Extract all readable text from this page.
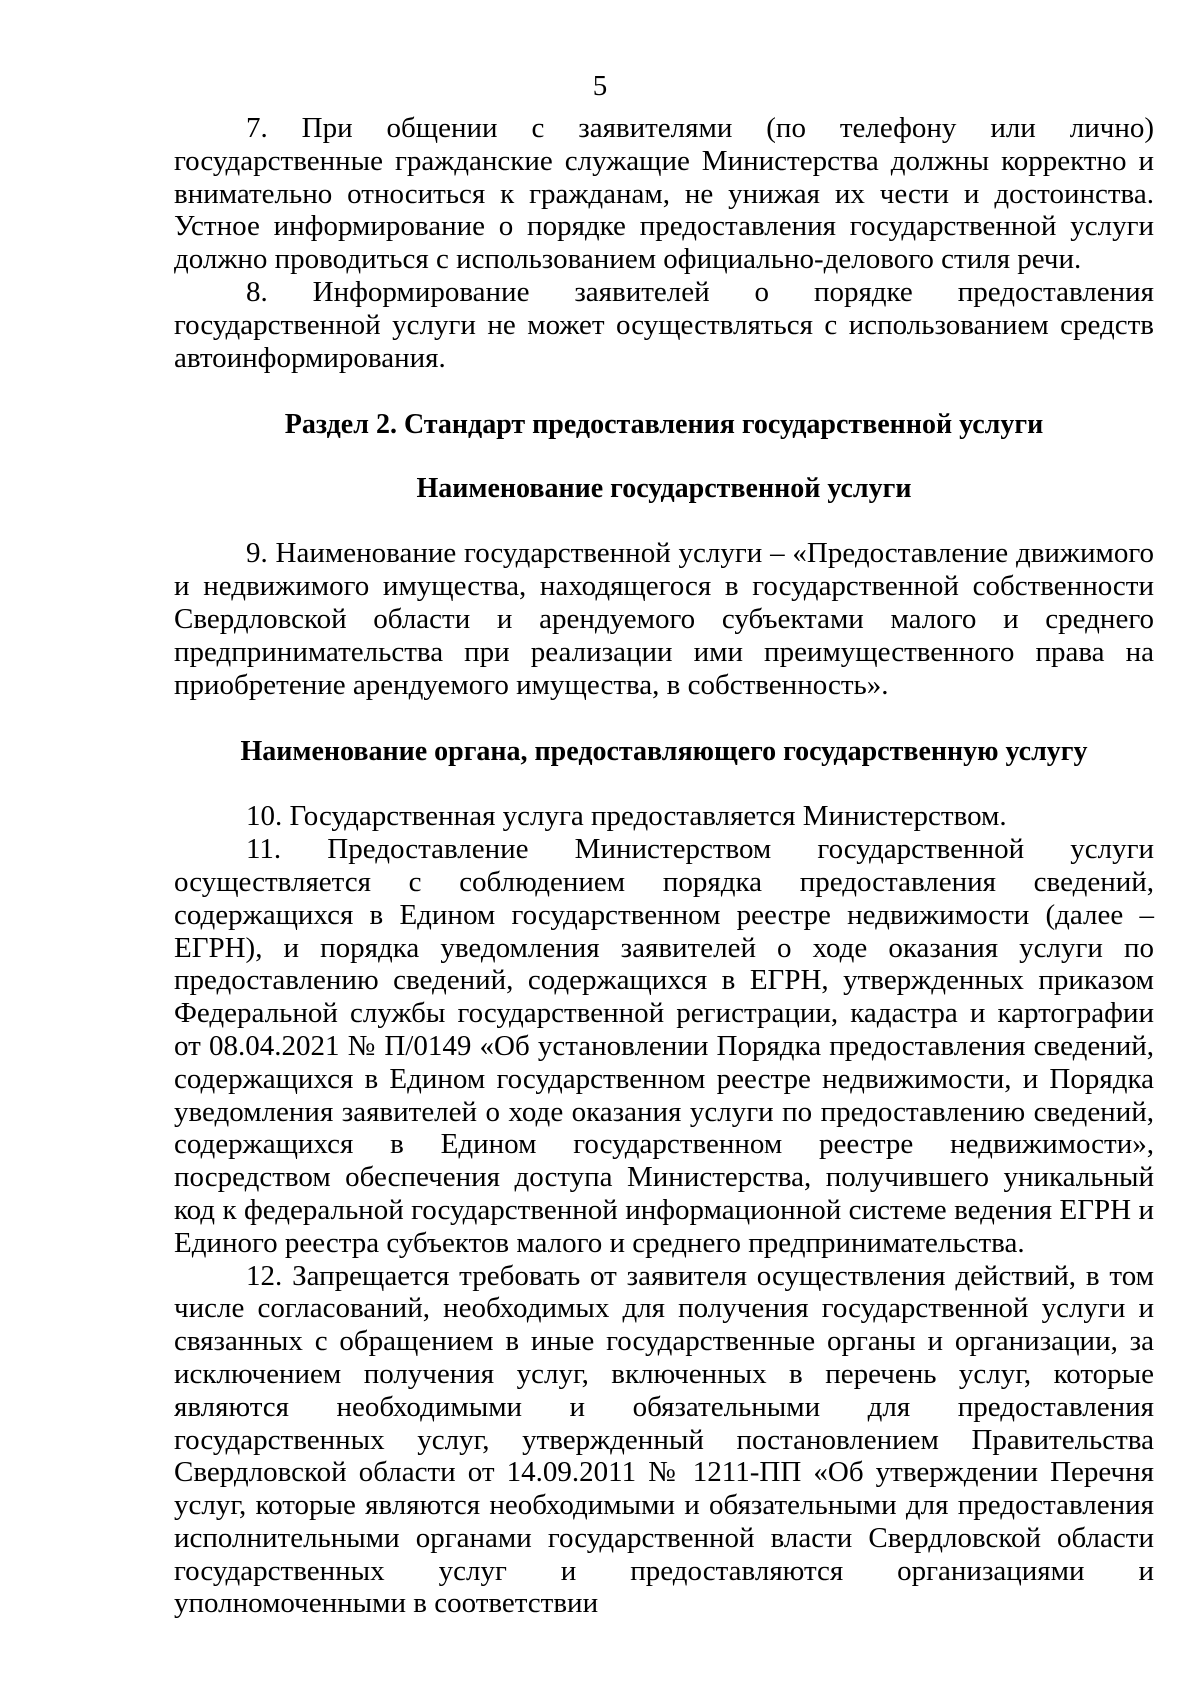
5

7. При общении с заявителями (по телефону или лично) государственные гражданские служащие Министерства должны корректно и внимательно относиться к гражданам, не унижая их чести и достоинства. Устное информирование о порядке предоставления государственной услуги должно проводиться с использованием официально-делового стиля речи.

8. Информирование заявителей о порядке предоставления государственной услуги не может осуществляться с использованием средств автоинформирования.

Раздел 2. Стандарт предоставления государственной услуги
Наименование государственной услуги

9. Наименование государственной услуги – «Предоставление движимого и недвижимого имущества, находящегося в государственной собственности Свердловской области и арендуемого субъектами малого и среднего предпринимательства при реализации ими преимущественного права на приобретение арендуемого имущества, в собственность».

Наименование органа, предоставляющего государственную услугу

10. Государственная услуга предоставляется Министерством.

11. Предоставление Министерством государственной услуги осуществляется с соблюдением порядка предоставления сведений, содержащихся в Едином государственном реестре недвижимости (далее – ЕГРН), и порядка уведомления заявителей о ходе оказания услуги по предоставлению сведений, содержащихся в ЕГРН, утвержденных приказом Федеральной службы государственной регистрации, кадастра и картографии от 08.04.2021 № П/0149 «Об установлении Порядка предоставления сведений, содержащихся в Едином государственном реестре недвижимости, и Порядка уведомления заявителей о ходе оказания услуги по предоставлению сведений, содержащихся в Едином государственном реестре недвижимости», посредством обеспечения доступа Министерства, получившего уникальный код к федеральной государственной информационной системе ведения ЕГРН и Единого реестра субъектов малого и среднего предпринимательства.

12. Запрещается требовать от заявителя осуществления действий, в том числе согласований, необходимых для получения государственной услуги и связанных с обращением в иные государственные органы и организации, за исключением получения услуг, включенных в перечень услуг, которые являются необходимыми и обязательными для предоставления государственных услуг, утвержденный постановлением Правительства Свердловской области от 14.09.2011 № 1211-ПП «Об утверждении Перечня услуг, которые являются необходимыми и обязательными для предоставления исполнительными органами государственной власти Свердловской области государственных услуг и предоставляются организациями и уполномоченными в соответствии
